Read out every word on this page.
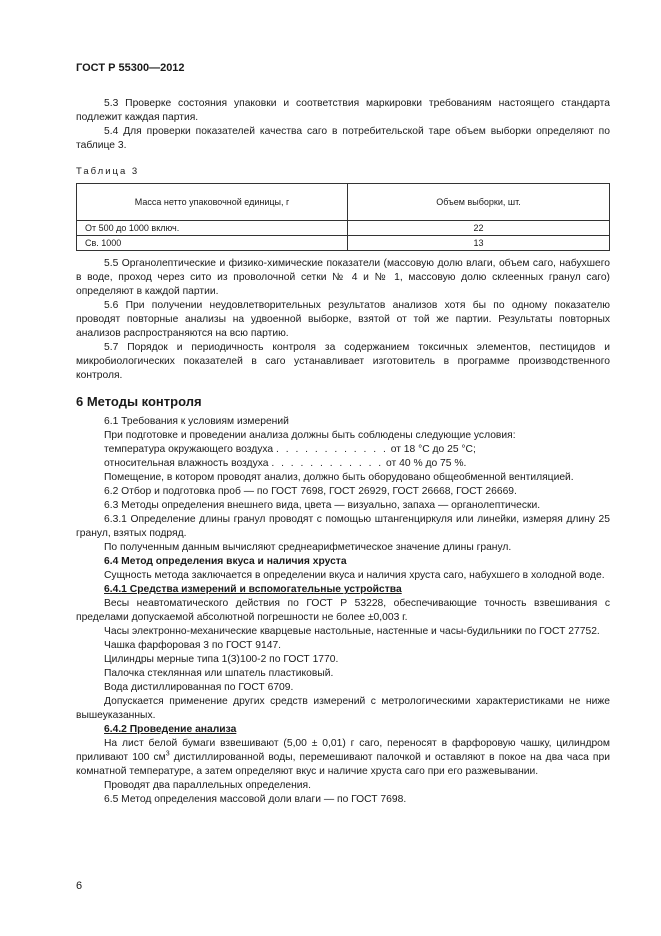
ГОСТ Р 55300—2012

5.3 Проверке состояния упаковки и соответствия маркировки требованиям настоящего стандарта подлежит каждая партия.

5.4 Для проверки показателей качества саго в потребительской таре объем выборки определяют по таблице 3.

Таблица 3
Масса нетто упаковочной единицы, г	Объем выборки, шт.
От 500 до 1000 включ.	22
Св. 1000	13

5.5 Органолептические и физико-химические показатели (массовую долю влаги, объем саго, набухшего в воде, проход через сито из проволочной сетки № 4 и № 1, массовую долю склеенных гранул саго) определяют в каждой партии.

5.6 При получении неудовлетворительных результатов анализов хотя бы по одному показателю проводят повторные анализы на удвоенной выборке, взятой от той же партии. Результаты повторных анализов распространяются на всю партию.

5.7 Порядок и периодичность контроля за содержанием токсичных элементов, пестицидов и микробиологических показателей в саго устанавливает изготовитель в программе производственного контроля.

6 Методы контроля

6.1 Требования к условиям измерений

При подготовке и проведении анализа должны быть соблюдены следующие условия:

температура окружающего воздуха . . . . . . . . . . . . от 18 °С до 25 °С;

относительная влажность воздуха . . . . . . . . . . . . от 40 % до 75 %.

Помещение, в котором проводят анализ, должно быть оборудовано общеобменной вентиляцией.

6.2 Отбор и подготовка проб — по ГОСТ 7698, ГОСТ 26929, ГОСТ 26668, ГОСТ 26669.

6.3 Методы определения внешнего вида, цвета — визуально, запаха — органолептически.

6.3.1 Определение длины гранул проводят с помощью штангенциркуля или линейки, измеряя длину 25 гранул, взятых подряд.

По полученным данным вычисляют среднеарифметическое значение длины гранул.

6.4 Метод определения вкуса и наличия хруста

Сущность метода заключается в определении вкуса и наличия хруста саго, набухшего в холодной воде.

6.4.1 Средства измерений и вспомогательные устройства

Весы неавтоматического действия по ГОСТ Р 53228, обеспечивающие точность взвешивания с пределами допускаемой абсолютной погрешности не более ±0,003 г.

Часы электронно-механические кварцевые настольные, настенные и часы-будильники по ГОСТ 27752.

Чашка фарфоровая 3 по ГОСТ 9147.

Цилиндры мерные типа 1(3)100-2 по ГОСТ 1770.

Палочка стеклянная или шпатель пластиковый.

Вода дистиллированная по ГОСТ 6709.

Допускается применение других средств измерений с метрологическими характеристиками не ниже вышеуказанных.

6.4.2 Проведение анализа

На лист белой бумаги взвешивают (5,00 ± 0,01) г саго, переносят в фарфоровую чашку, цилиндром приливают 100 $см^3$ дистиллированной воды, перемешивают палочкой и оставляют в покое на два часа при комнатной температуре, а затем определяют вкус и наличие хруста саго при его разжевывании.

Проводят два параллельных определения.

6.5 Метод определения массовой доли влаги — по ГОСТ 7698.

6
